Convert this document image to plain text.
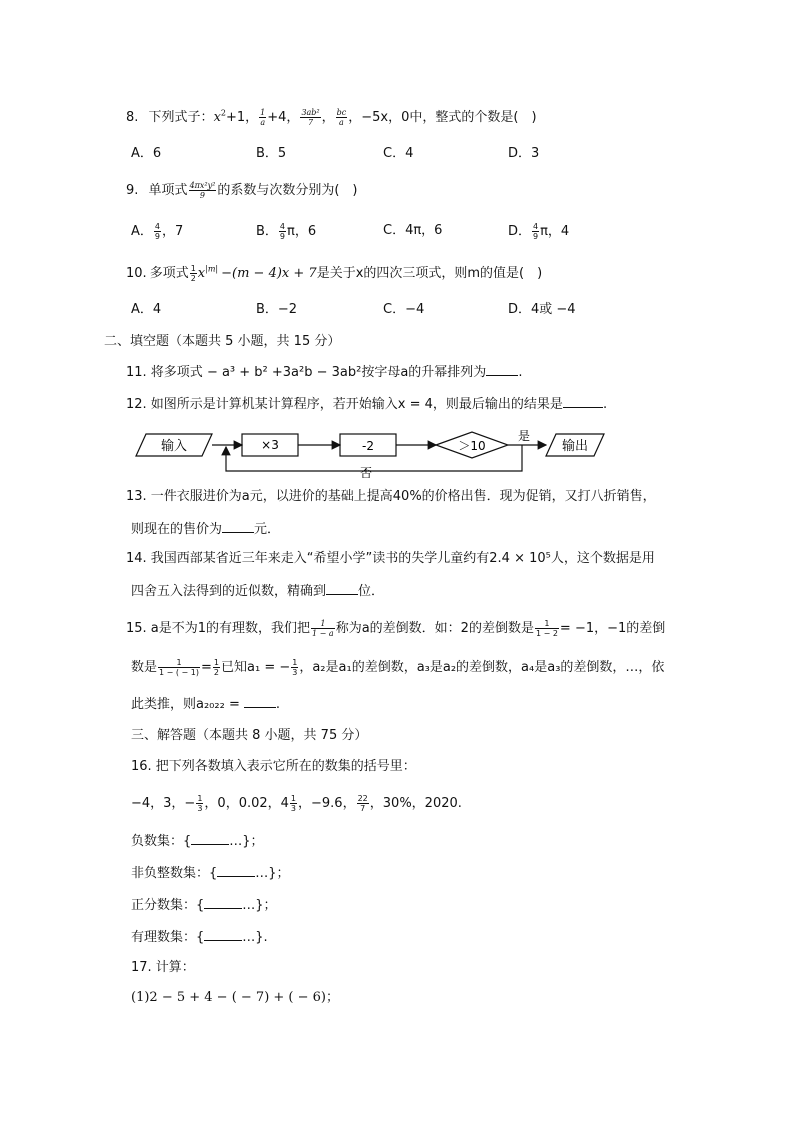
8. 下列式子：$x^2+1$， $\frac{1}{a} +4$， $\frac{\text{3ab²}}{7}$ ， $\frac{bc}{a}$ ，−5x，0中，整式的个数是(　)
A．6	B．5	C．4	D．3
9. 单项式 $\frac{\text{4πx²y²}}{9}$ 的系数与次数分别为(　)
A． $\frac{4}{9}$ ，7	B． $\frac{4}{9}$ π，6	C．4π，6	D． $\frac{4}{9}$ π，4
10. 多项式 $\frac{1}{2} x^{|m|} -(m - 4)x + 7$是关于x的四次三项式，则m的值是(　)
A．4	B．−2	C．−4	D．4或 −4
二、填空题（本题共 5 小题，共 15 分）
11. 将多项式 − a³ + b² +3a²b − 3ab²按字母a的升幂排列为 .
12. 如图所示是计算机某计算程序，若开始输入x = 4，则最后输出的结果是	.
输入	×3	-2	＞10
是
输出
否
13. 一件衣服进价为a元，以进价的基础上提高40%的价格出售．现为促销，又打八折销售，
则现在的售价为 元．
14. 我国西部某省近三年来走入“希望小学”读书的失学儿童约有2.4 × 10⁵人，这个数据是用
四舍五入法得到的近似数，精确到 位．
15. a是不为1的有理数，我们把 $\frac{1}{1 - a}$ 称为a的差倒数．如：2的差倒数是 $\frac{1}{1 - 2} = -1$，−1的差倒
数是 $\frac{1}{1 - ( - 1)} = \frac{1}{2}$ 已知a₁ = − $\frac{1}{3}$ ，a₂是a₁的差倒数，a₃是a₂的差倒数，a₄是a₃的差倒数，…，依
此类推，则a₂₀₂₂ =	.
三、解答题（本题共 8 小题，共 75 分）
16. 把下列各数填入表示它所在的数集的括号里：
−4，3，− $\frac{1}{3}$ ，0，0.02，$4 \frac{1}{3}$ ，−9.6， $\frac{22}{7}$ ，30%，2020.
负数集：{	…}；
非负整数集：{	…}；
正分数集：{	…}；
有理数集：{	…}.
17. 计算：
(1)2 − 5 + 4 − ( − 7) + ( − 6)；
